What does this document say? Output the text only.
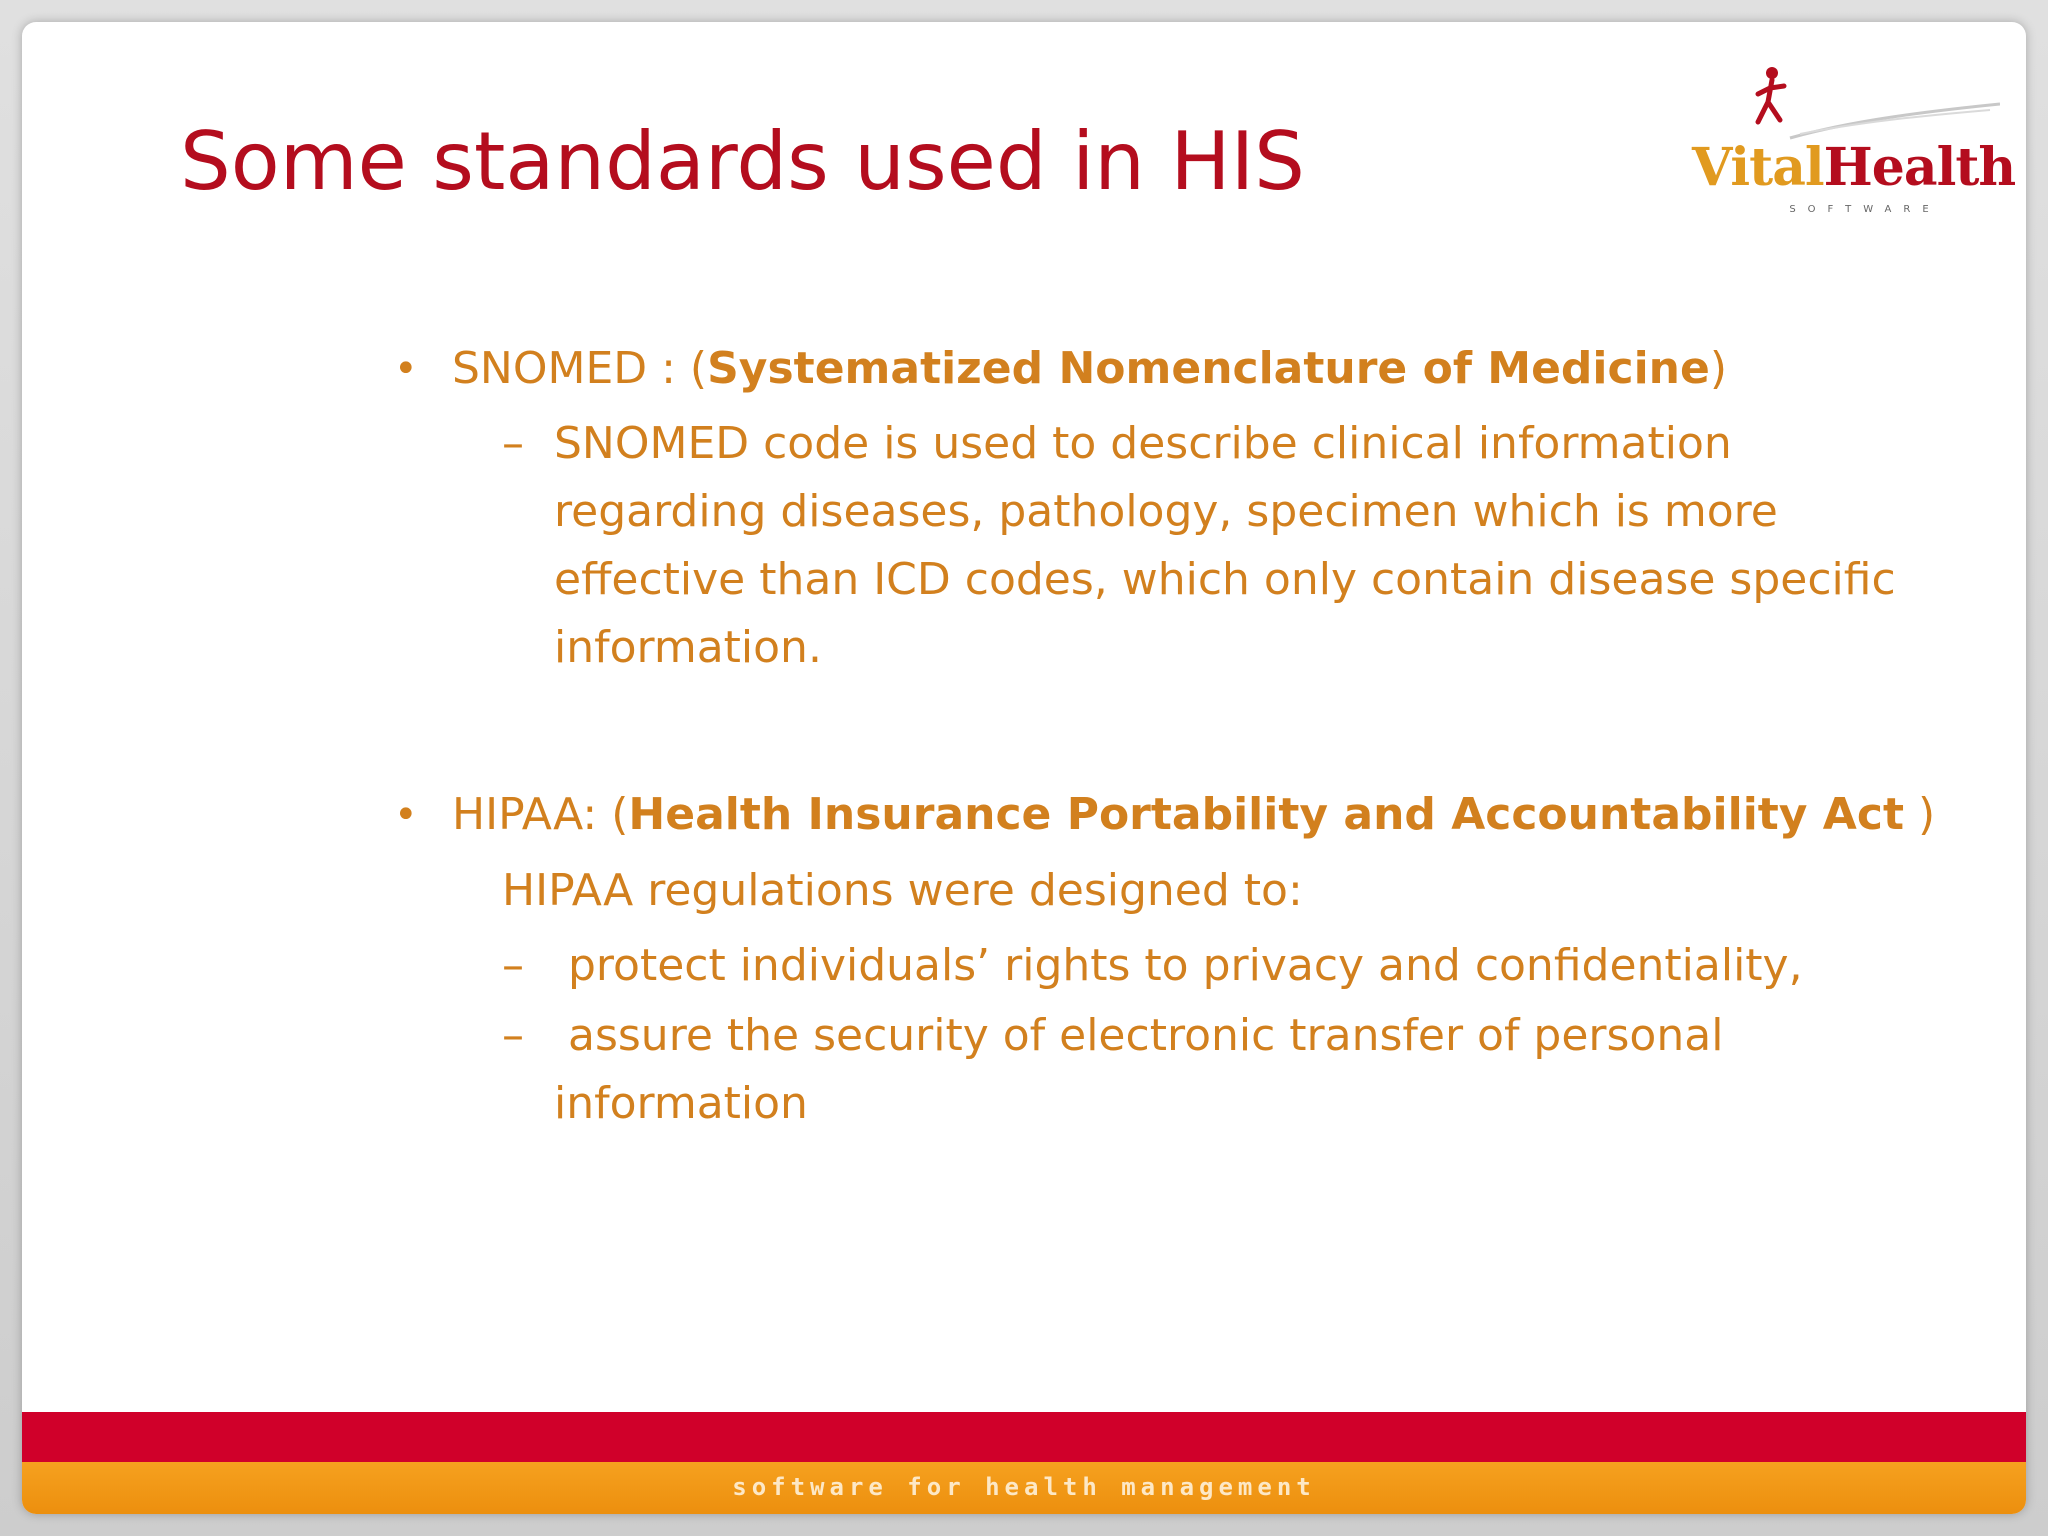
Some standards used in HIS	VitalHealth
SOFTWARE

• SNOMED : (Systematized Nomenclature of Medicine)

– SNOMED code is used to describe clinical information regarding diseases, pathology, specimen which is more effective than ICD codes, which only contain disease specific information.

• HIPAA: (Health Insurance Portability and Accountability Act )

HIPAA regulations were designed to:

– protect individuals’ rights to privacy and confidentiality,
– assure the security of electronic transfer of personal information
software for health management
